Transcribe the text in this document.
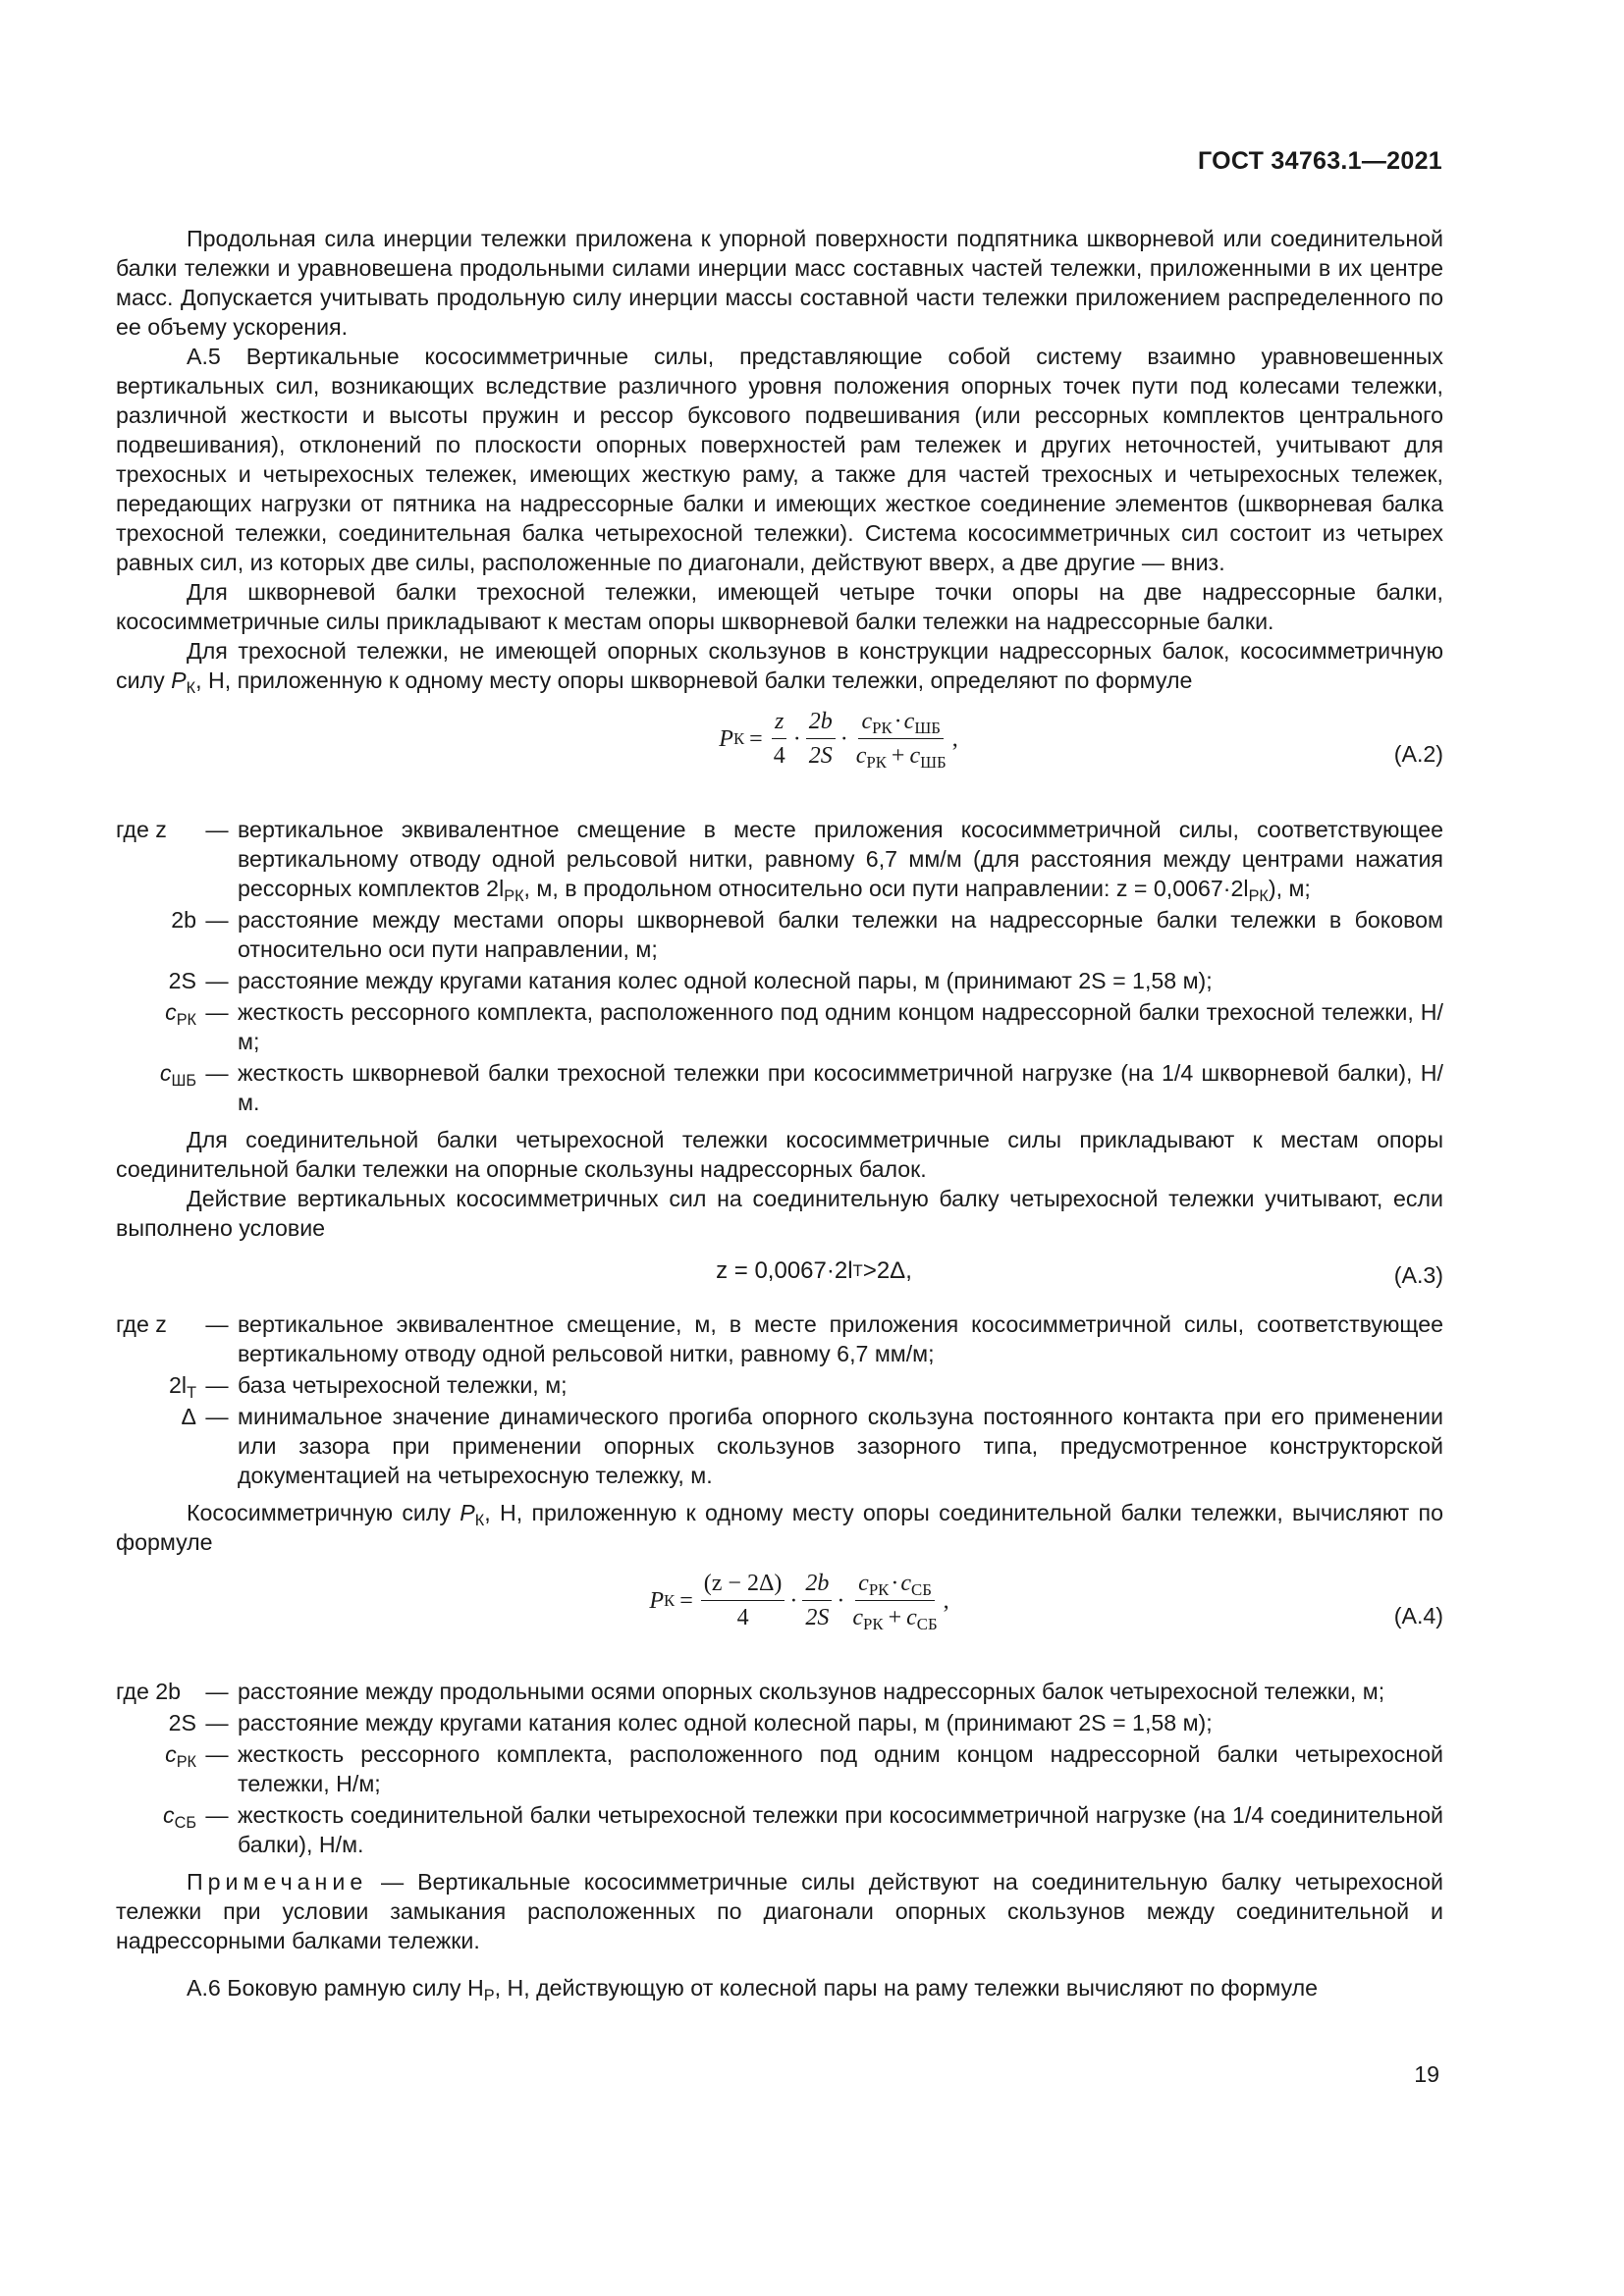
ГОСТ 34763.1—2021

Продольная сила инерции тележки приложена к упорной поверхности подпятника шкворневой или соединительной балки тележки и уравновешена продольными силами инерции масс составных частей тележки, приложенными в их центре масс. Допускается учитывать продольную силу инерции массы составной части тележки приложением распределенного по ее объему ускорения.

А.5 Вертикальные кососимметричные силы, представляющие собой систему взаимно уравновешенных вертикальных сил, возникающих вследствие различного уровня положения опорных точек пути под колесами тележки, различной жесткости и высоты пружин и рессор буксового подвешивания (или рессорных комплектов центрального подвешивания), отклонений по плоскости опорных поверхностей рам тележек и других неточностей, учитывают для трехосных и четырехосных тележек, имеющих жесткую раму, а также для частей трехосных и четырехосных тележек, передающих нагрузки от пятника на надрессорные балки и имеющих жесткое соединение элементов (шкворневая балка трехосной тележки, соединительная балка четырехосной тележки). Система кососимметричных сил состоит из четырех равных сил, из которых две силы, расположенные по диагонали, действуют вверх, а две другие — вниз.

Для шкворневой балки трехосной тележки, имеющей четыре точки опоры на две надрессорные балки, кососимметричные силы прикладывают к местам опоры шкворневой балки тележки на надрессорные балки.

Для трехосной тележки, не имеющей опорных скользунов в конструкции надрессорных балок, кососимметричную силу $P_К$, Н, приложенную к одному месту опоры шкворневой балки тележки, определяют по формуле

P $К = \frac{z}{4} \cdot \frac{2b}{2S} \cdot \frac{c_{РК}\cdot c_{ШБ}}{c_{РК} + c_{ШБ}}$ ,
(А.2)
где z	— вертикальное эквивалентное смещение в месте приложения кососимметричной силы, соответствующее вертикальному отводу одной рельсовой нитки, равному 6,7 мм/м (для расстояния между центрами нажатия рессорных комплектов $2l_{РК}$, м, в продольном относительно оси пути направлении: $z = 0,0067\cdot 2l_{РК}$), м;
2b — расстояние между местами опоры шкворневой балки тележки на надрессорные балки тележки в боковом относительно оси пути направлении, м;
2S — расстояние между кругами катания колес одной колесной пары, м (принимают 2S = 1,58 м);
$c_{РК}$ — жесткость рессорного комплекта, расположенного под одним концом надрессорной балки трехосной тележки, Н/м;
$c_{ШБ}$ — жесткость шкворневой балки трехосной тележки при кососимметричной нагрузке (на 1/4 шкворневой балки), Н/м.

Для соединительной балки четырехосной тележки кососимметричные силы прикладывают к местам опоры соединительной балки тележки на опорные скользуны надрессорных балок.

Действие вертикальных кососимметричных сил на соединительную балку четырехосной тележки учитывают, если выполнено условие

z = 0,0067·2l Т >2Δ,	(А.3)
где z	— вертикальное эквивалентное смещение, м, в месте приложения кососимметричной силы, соответствующее вертикальному отводу одной рельсовой нитки, равному 6,7 мм/м;
$2l_Т$ — база четырехосной тележки, м;
Δ — минимальное значение динамического прогиба опорного скользуна постоянного контакта при его применении или зазора при применении опорных скользунов зазорного типа, предусмотренное конструкторской документацией на четырехосную тележку, м.

Кососимметричную силу $P_К$, Н, приложенную к одному месту опоры соединительной балки тележки, вычисляют по формуле

P $К = \frac{(z - 2\Delta)}{4} \cdot \frac{2b}{2S} \cdot \frac{c_{РК}\cdot c_{СБ}}{c_{РК} + c_{СБ}}$ ,
(А.4)
где 2b	— расстояние между продольными осями опорных скользунов надрессорных балок четырехосной тележки, м;
2S — расстояние между кругами катания колес одной колесной пары, м (принимают 2S = 1,58 м);
$c_{РК}$ — жесткость рессорного комплекта, расположенного под одним концом надрессорной балки четырехосной тележки, Н/м;
$c_{СБ}$ — жесткость соединительной балки четырехосной тележки при кососимметричной нагрузке (на 1/4 соединительной балки), Н/м.

Примечание — Вертикальные кососимметричные силы действуют на соединительную балку четырехосной тележки при условии замыкания расположенных по диагонали опорных скользунов между соединительной и надрессорными балками тележки.

А.6 Боковую рамную силу $Н_Р$, Н, действующую от колесной пары на раму тележки вычисляют по формуле

19
